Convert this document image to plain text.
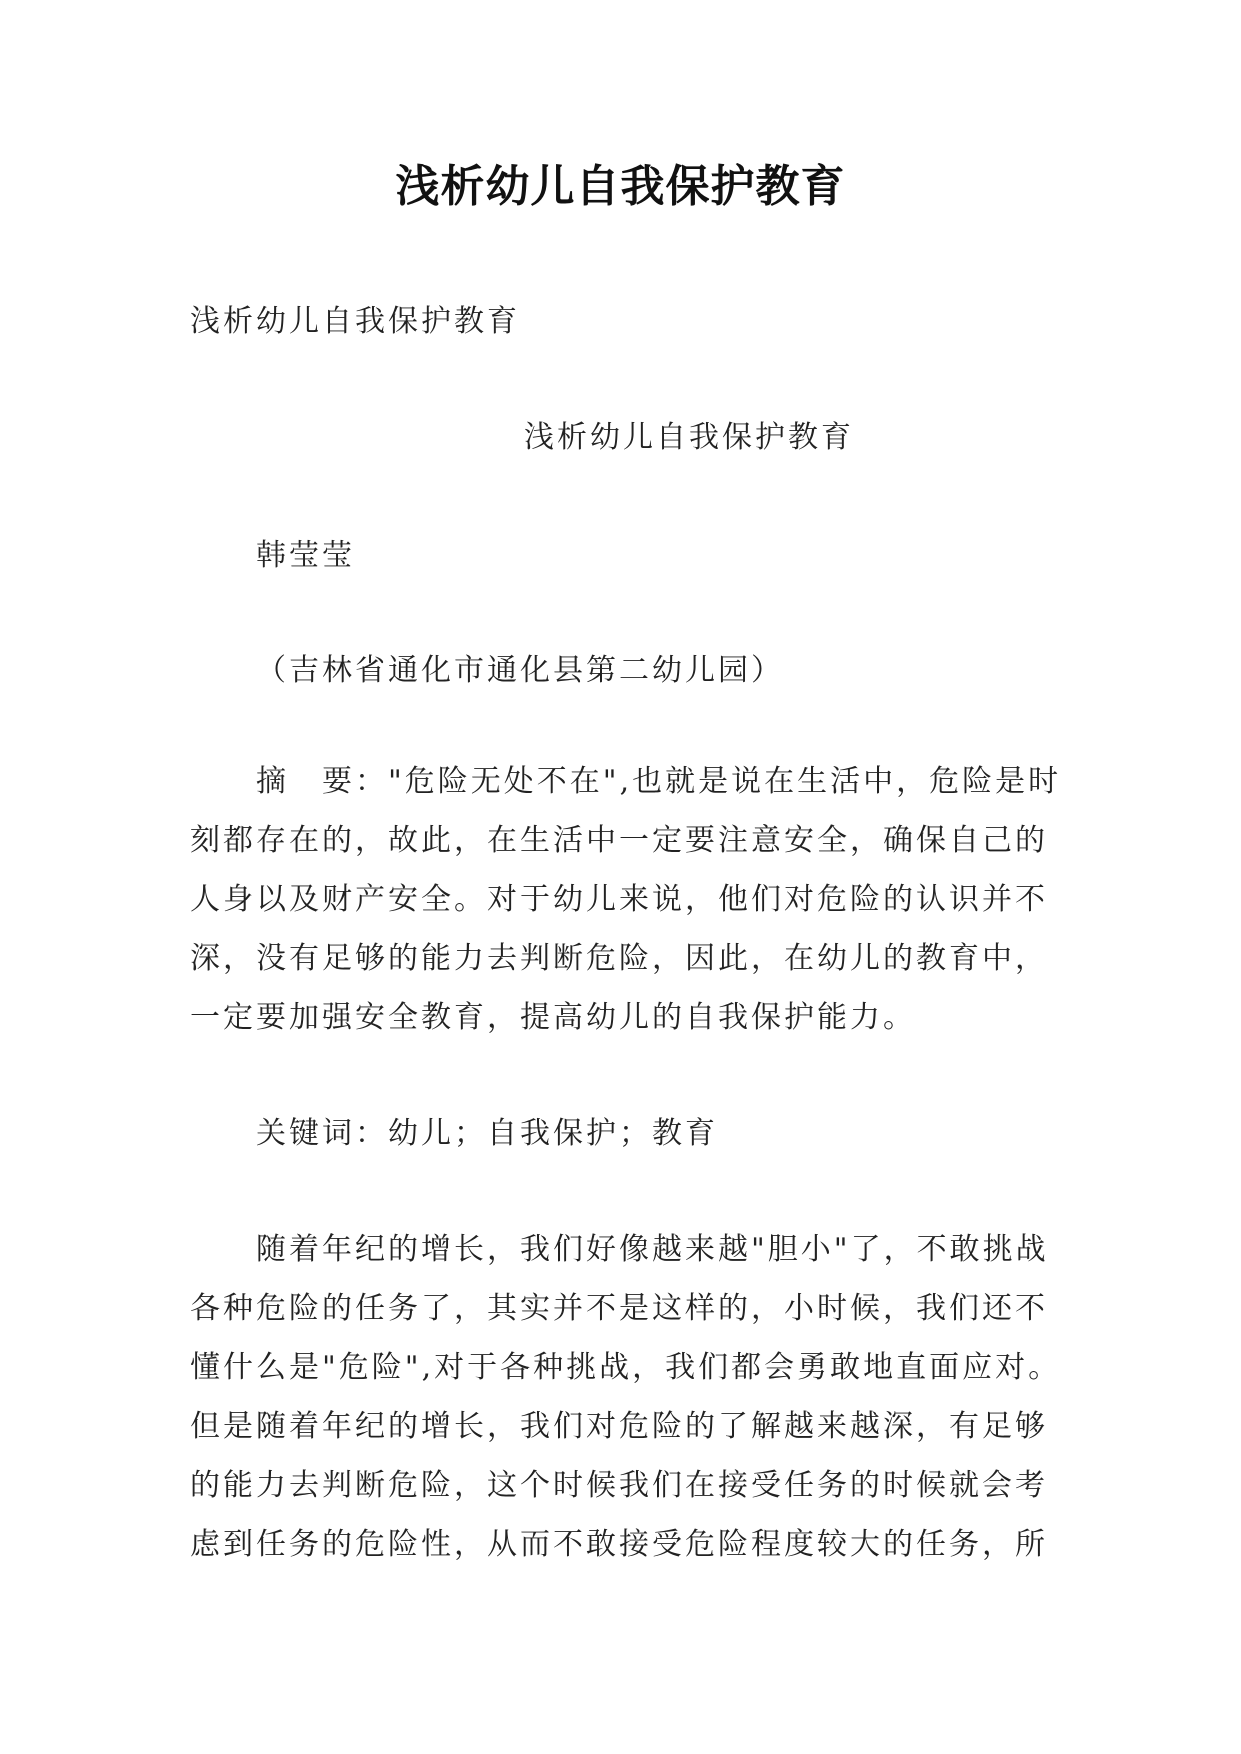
浅析幼儿自我保护教育
浅析幼儿自我保护教育
浅析幼儿自我保护教育
韩莹莹
（吉林省通化市通化县第二幼儿园）
摘　要："危险无处不在",也就是说在生活中，危险是时
刻都存在的，故此，在生活中一定要注意安全，确保自己的
人身以及财产安全。对于幼儿来说，他们对危险的认识并不
深，没有足够的能力去判断危险，因此，在幼儿的教育中，
一定要加强安全教育，提高幼儿的自我保护能力。
关键词：幼儿；自我保护；教育
随着年纪的增长，我们好像越来越"胆小"了，不敢挑战
各种危险的任务了，其实并不是这样的，小时候，我们还不
懂什么是"危险",对于各种挑战，我们都会勇敢地直面应对。
但是随着年纪的增长，我们对危险的了解越来越深，有足够
的能力去判断危险，这个时候我们在接受任务的时候就会考
虑到任务的危险性，从而不敢接受危险程度较大的任务，所
